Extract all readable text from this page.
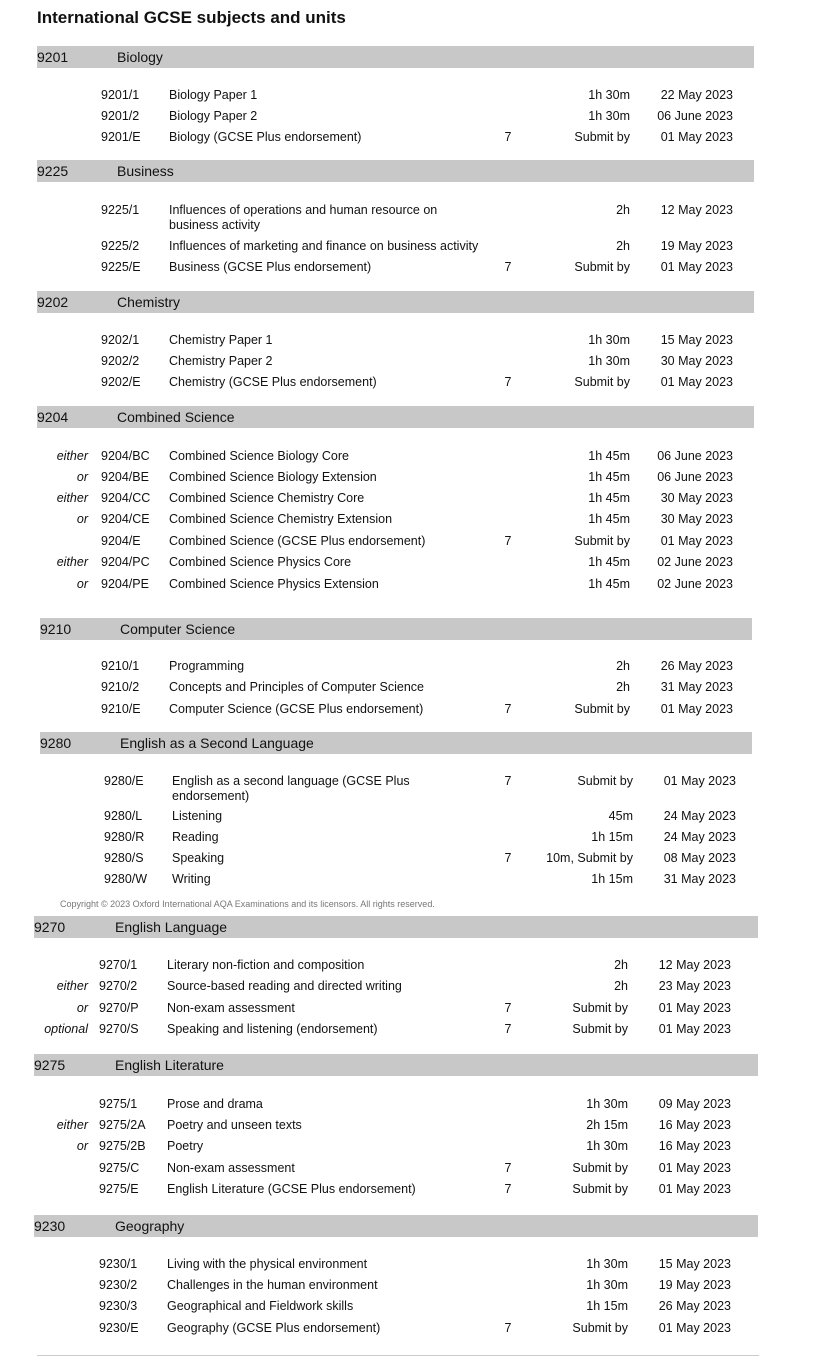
International GCSE subjects and units
9201	Biology
9201/1 Biology Paper 1	1h 30m 22 May 2023
9201/2 Biology Paper 2	1h 30m 06 June 2023
9201/E Biology (GCSE Plus endorsement)	7	Submit by 01 May 2023
9225	Business
9225/1 Influences of operations and human resource on business activity
2h 12 May 2023
9225/2 Influences of marketing and finance on business activity	2h 19 May 2023
9225/E Business (GCSE Plus endorsement)	7	Submit by 01 May 2023
9202	Chemistry
9202/1 Chemistry Paper 1	1h 30m 15 May 2023
9202/2 Chemistry Paper 2	1h 30m 30 May 2023
9202/E Chemistry (GCSE Plus endorsement)	7	Submit by 01 May 2023
9204	Combined Science
either 9204/BC Combined Science Biology Core	1h 45m 06 June 2023
or 9204/BE Combined Science Biology Extension	1h 45m 06 June 2023
either 9204/CC Combined Science Chemistry Core	1h 45m 30 May 2023
or 9204/CE Combined Science Chemistry Extension	1h 45m 30 May 2023
9204/E Combined Science (GCSE Plus endorsement)	7	Submit by 01 May 2023
either 9204/PC Combined Science Physics Core	1h 45m 02 June 2023
or 9204/PE Combined Science Physics Extension	1h 45m 02 June 2023
9210	Computer Science
9210/1 Programming	2h 26 May 2023
9210/2 Concepts and Principles of Computer Science	2h 31 May 2023
9210/E Computer Science (GCSE Plus endorsement)	7	Submit by 01 May 2023
9280	English as a Second Language
9280/E English as a second language (GCSE Plus endorsement)
7	Submit by 01 May 2023
9280/L Listening	45m 24 May 2023
9280/R Reading	1h 15m 24 May 2023
9280/S Speaking	7	10m, Submit by 08 May 2023
9280/W Writing	1h 15m 31 May 2023
9270	English Language
9270/1 Literary non-fiction and composition	2h 12 May 2023
either 9270/2 Source-based reading and directed writing	2h 23 May 2023
or 9270/P Non-exam assessment	7	Submit by 01 May 2023
optional 9270/S Speaking and listening (endorsement)	7	Submit by 01 May 2023
9275	English Literature
9275/1 Prose and drama	1h 30m 09 May 2023
either 9275/2A Poetry and unseen texts	2h 15m 16 May 2023
or 9275/2B Poetry	1h 30m 16 May 2023
9275/C Non-exam assessment	7	Submit by 01 May 2023
9275/E English Literature (GCSE Plus endorsement)	7	Submit by 01 May 2023
9230	Geography
9230/1 Living with the physical environment	1h 30m 15 May 2023
9230/2 Challenges in the human environment	1h 30m 19 May 2023
9230/3 Geographical and Fieldwork skills	1h 15m 26 May 2023
9230/E Geography (GCSE Plus endorsement)	7	Submit by 01 May 2023
Copyright © 2023 Oxford International AQA Examinations and its licensors. All rights reserved.
